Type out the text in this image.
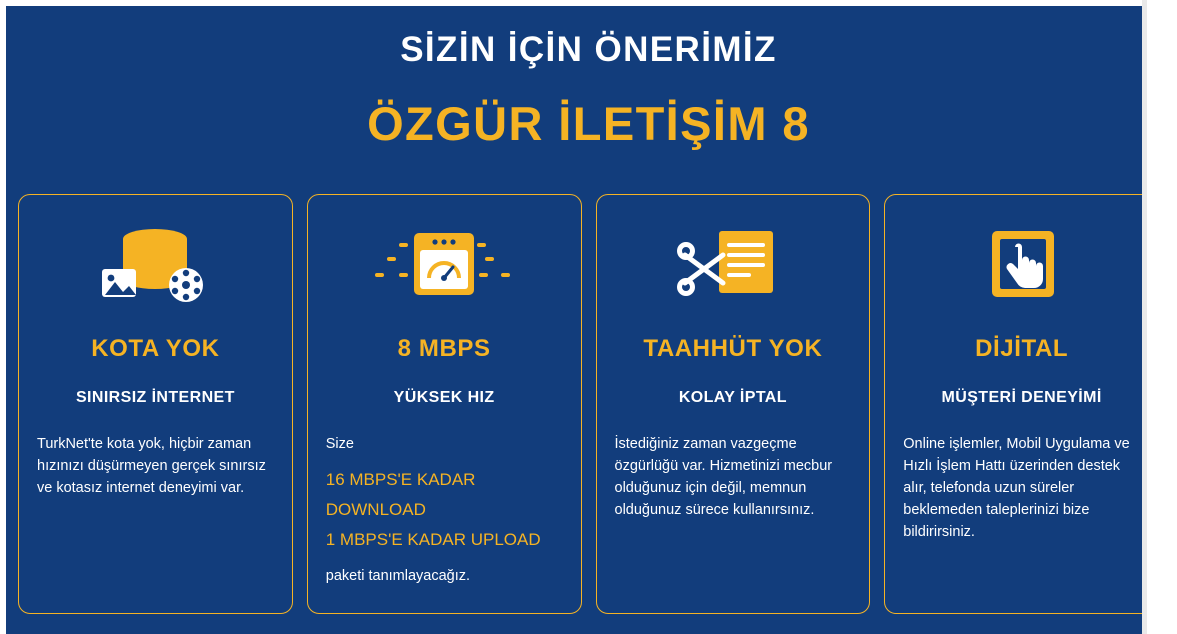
SİZİN İÇİN ÖNERİMİZ
ÖZGÜR İLETİŞİM 8
KOTA YOK
SINIRSIZ İNTERNET
TurkNet'te kota yok, hiçbir zaman hızınızı düşürmeyen gerçek sınırsız ve kotasız internet deneyimi var.
8 MBPS
YÜKSEK HIZ
Size
16 MBPS'E KADAR
DOWNLOAD
1 MBPS'E KADAR UPLOAD
paketi tanımlayacağız.
TAAHHÜT YOK
KOLAY İPTAL
İstediğiniz zaman vazgeçme özgürlüğü var. Hizmetinizi mecbur olduğunuz için değil, memnun olduğunuz sürece kullanırsınız.
DİJİTAL
MÜŞTERİ DENEYİMİ
Online işlemler, Mobil Uygulama ve Hızlı İşlem Hattı üzerinden destek alır, telefonda uzun süreler beklemeden taleplerinizi bize bildirirsiniz.
